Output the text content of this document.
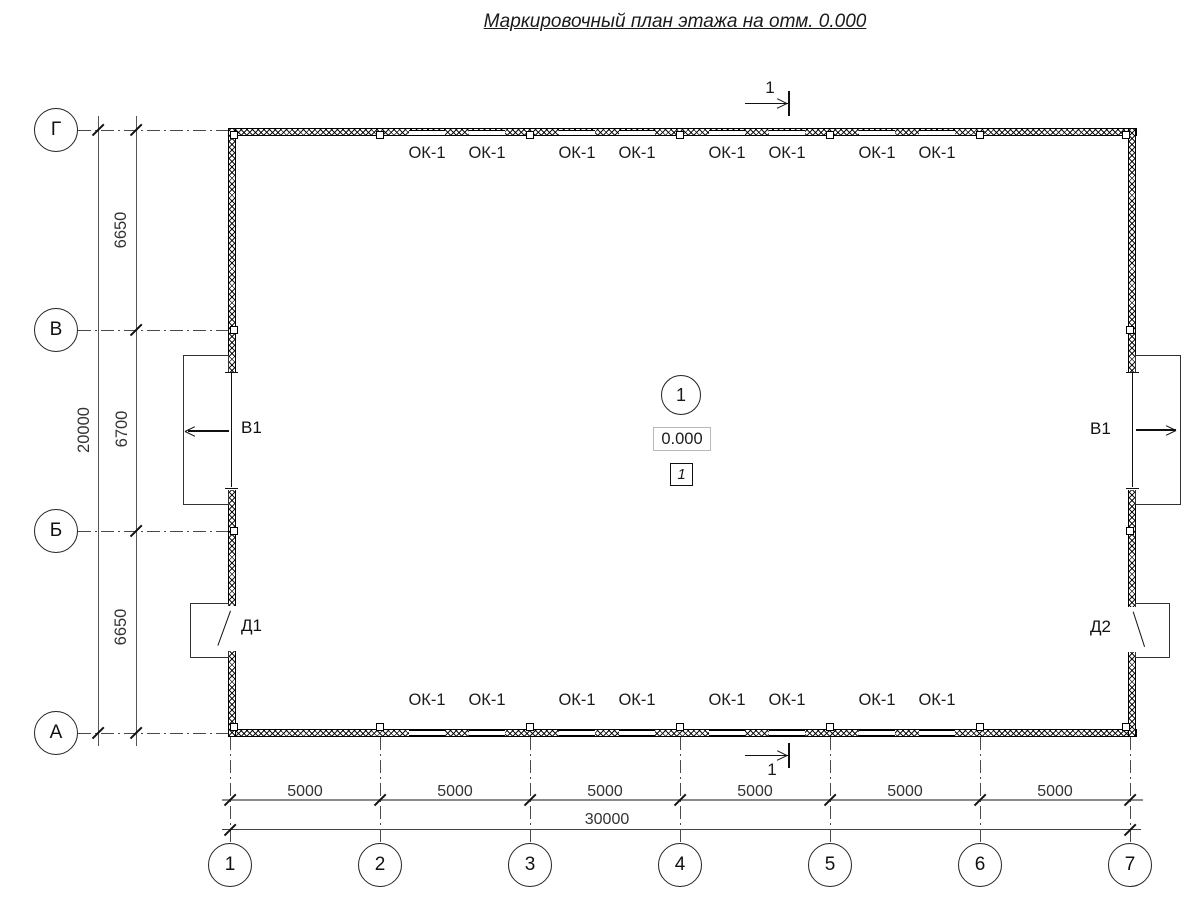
Маркировочный план этажа на отм. 0.000
Г
В
Б
А
6650
6700
6650
20000
ОК-1	ОК-1	ОК-1	ОК-1	ОК-1	ОК-1	ОК-1	ОК-1
ОК-1	ОК-1	ОК-1	ОК-1	ОК-1	ОК-1	ОК-1	ОК-1
В1	В1
Д1	Д2
1
0.000
1
1
1
5000	5000	5000	5000	5000	5000
30000
1	2	3	4	5	6	7
